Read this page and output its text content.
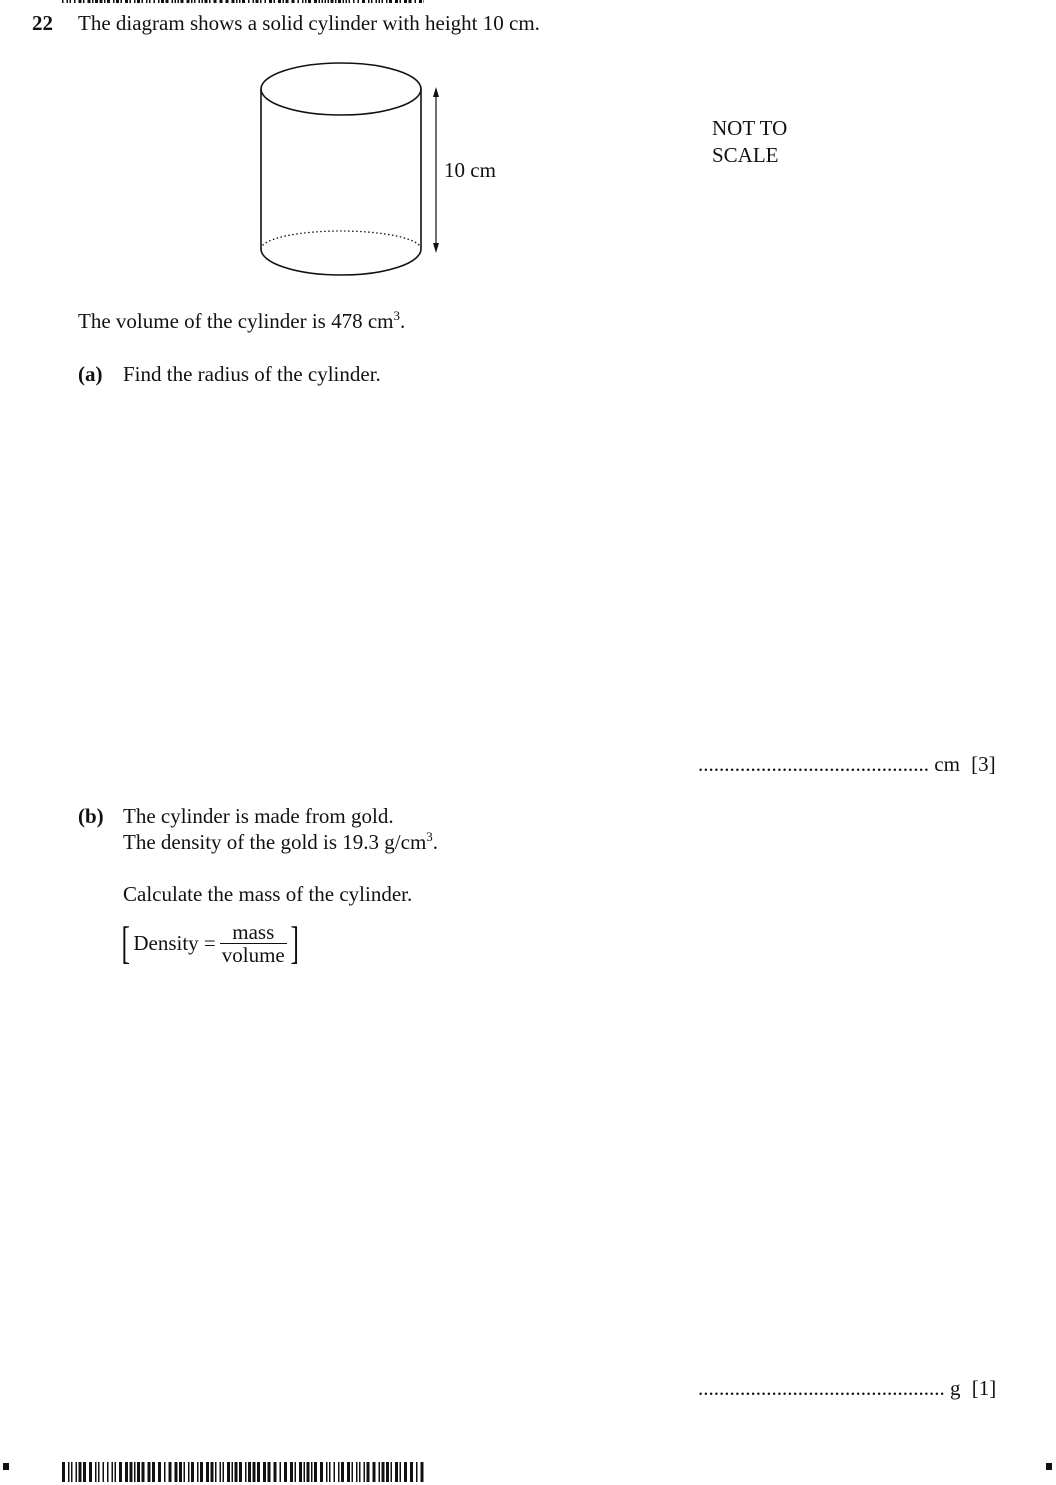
22 The diagram shows a solid cylinder with height 10 cm.
10 cm
NOT TO
SCALE
The volume of the cylinder is 478 $cm^3$.
(a) Find the radius of the cylinder.
............................................ cm [3]
(b) The cylinder is made from gold.
The density of the gold is 19.3 $g/cm^3$.
Calculate the mass of the cylinder.
[ Density = $\frac{\text{mass}}{\text{volume}}$ ]
............................................... g [1]
